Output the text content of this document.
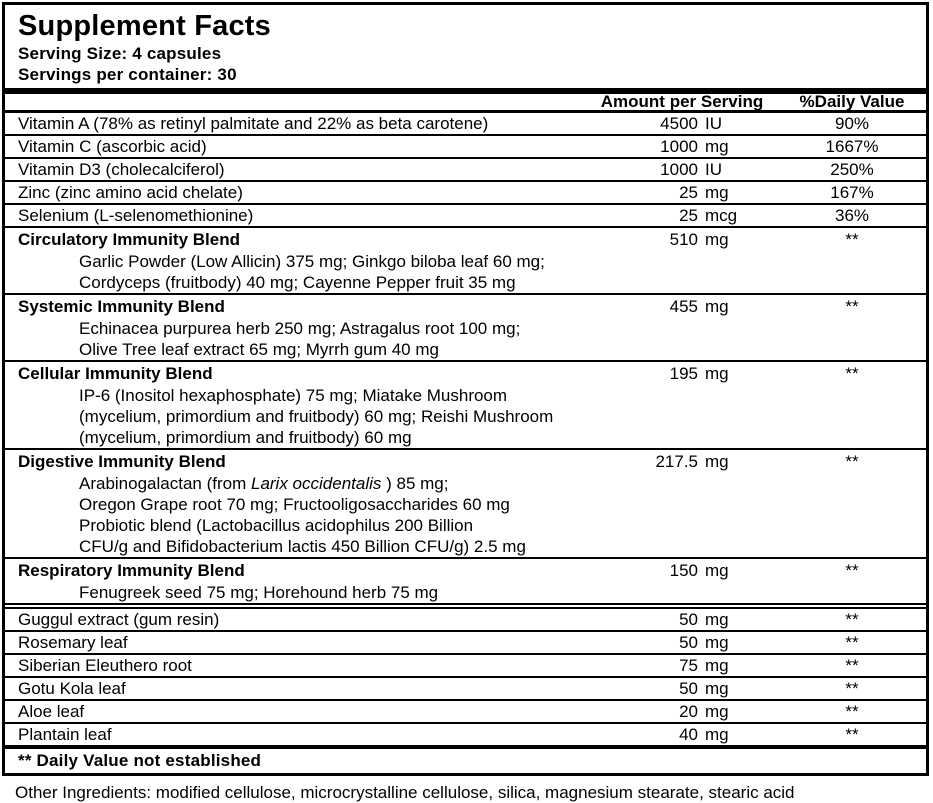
Supplement Facts
Serving Size: 4 capsules
Servings per container: 30
Amount per Serving	%Daily Value
Vitamin A (78% as retinyl palmitate and 22% as beta carotene)	4500 IU	90%
Vitamin C (ascorbic acid)	1000 mg	1667%
Vitamin D3 (cholecalciferol)	1000 IU	250%
Zinc (zinc amino acid chelate)	25 mg	167%
Selenium (L-selenomethionine)	25 mcg	36%
Circulatory Immunity Blend	510 mg	**
Garlic Powder (Low Allicin) 375 mg; Ginkgo biloba leaf 60 mg;
Cordyceps (fruitbody) 40 mg; Cayenne Pepper fruit 35 mg
Systemic Immunity Blend	455 mg	**
Echinacea purpurea herb 250 mg; Astragalus root 100 mg;
Olive Tree leaf extract 65 mg; Myrrh gum 40 mg
Cellular Immunity Blend	195 mg	**
IP-6 (Inositol hexaphosphate) 75 mg; Miatake Mushroom
(mycelium, primordium and fruitbody) 60 mg; Reishi Mushroom
(mycelium, primordium and fruitbody) 60 mg
Digestive Immunity Blend	217.5 mg	**
Arabinogalactan (from Larix occidentalis ) 85 mg;
Oregon Grape root 70 mg; Fructooligosaccharides 60 mg
Probiotic blend (Lactobacillus acidophilus 200 Billion
CFU/g and Bifidobacterium lactis 450 Billion CFU/g) 2.5 mg
Respiratory Immunity Blend	150 mg	**
Fenugreek seed 75 mg; Horehound herb 75 mg
Guggul extract (gum resin)	50 mg	**
Rosemary leaf	50 mg	**
Siberian Eleuthero root	75 mg	**
Gotu Kola leaf	50 mg	**
Aloe leaf	20 mg	**
Plantain leaf	40 mg	**
** Daily Value not established
Other Ingredients: modified cellulose, microcrystalline cellulose, silica, magnesium stearate, stearic acid
